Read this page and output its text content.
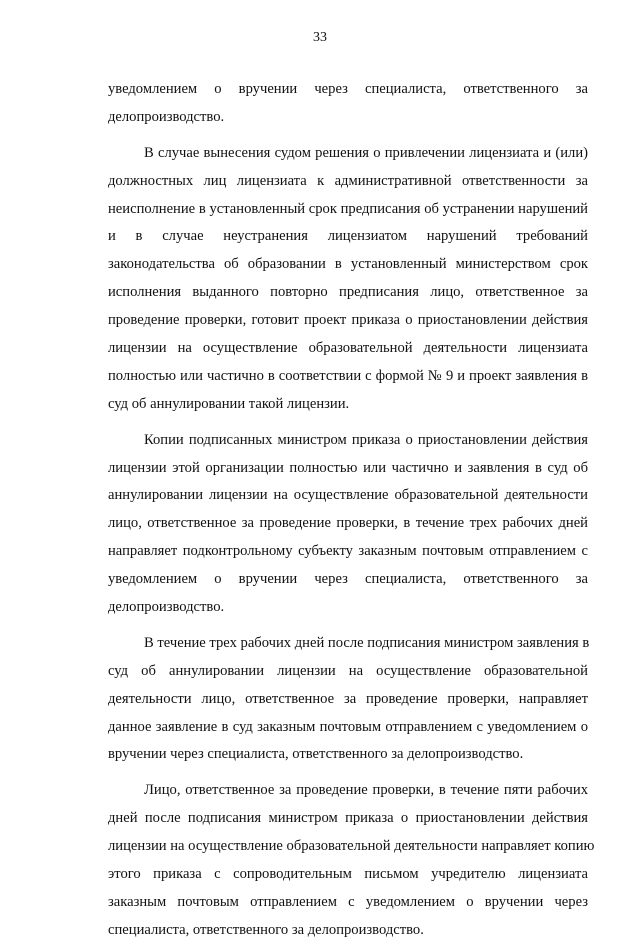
33
уведомлением о вручении через специалиста, ответственного за
делопроизводство.
В случае вынесения судом решения о привлечении лицензиата и (или)
должностных лиц лицензиата к административной ответственности за
неисполнение в установленный срок предписания об устранении нарушений
и в случае неустранения лицензиатом нарушений требований
законодательства об образовании в установленный министерством срок
исполнения выданного повторно предписания лицо, ответственное за
проведение проверки, готовит проект приказа о приостановлении действия
лицензии на осуществление образовательной деятельности лицензиата
полностью или частично в соответствии с формой № 9 и проект заявления в
суд об аннулировании такой лицензии.
Копии подписанных министром приказа о приостановлении действия
лицензии этой организации полностью или частично и заявления в суд об
аннулировании лицензии на осуществление образовательной деятельности
лицо, ответственное за проведение проверки, в течение трех рабочих дней
направляет подконтрольному субъекту заказным почтовым отправлением с
уведомлением о вручении через специалиста, ответственного за
делопроизводство.
В течение трех рабочих дней после подписания министром заявления в
суд об аннулировании лицензии на осуществление образовательной
деятельности лицо, ответственное за проведение проверки, направляет
данное заявление в суд заказным почтовым отправлением с уведомлением о
вручении через специалиста, ответственного за делопроизводство.
Лицо, ответственное за проведение проверки, в течение пяти рабочих
дней после подписания министром приказа о приостановлении действия
лицензии на осуществление образовательной деятельности направляет копию
этого приказа с сопроводительным письмом учредителю лицензиата
заказным почтовым отправлением с уведомлением о вручении через
специалиста, ответственного за делопроизводство.
